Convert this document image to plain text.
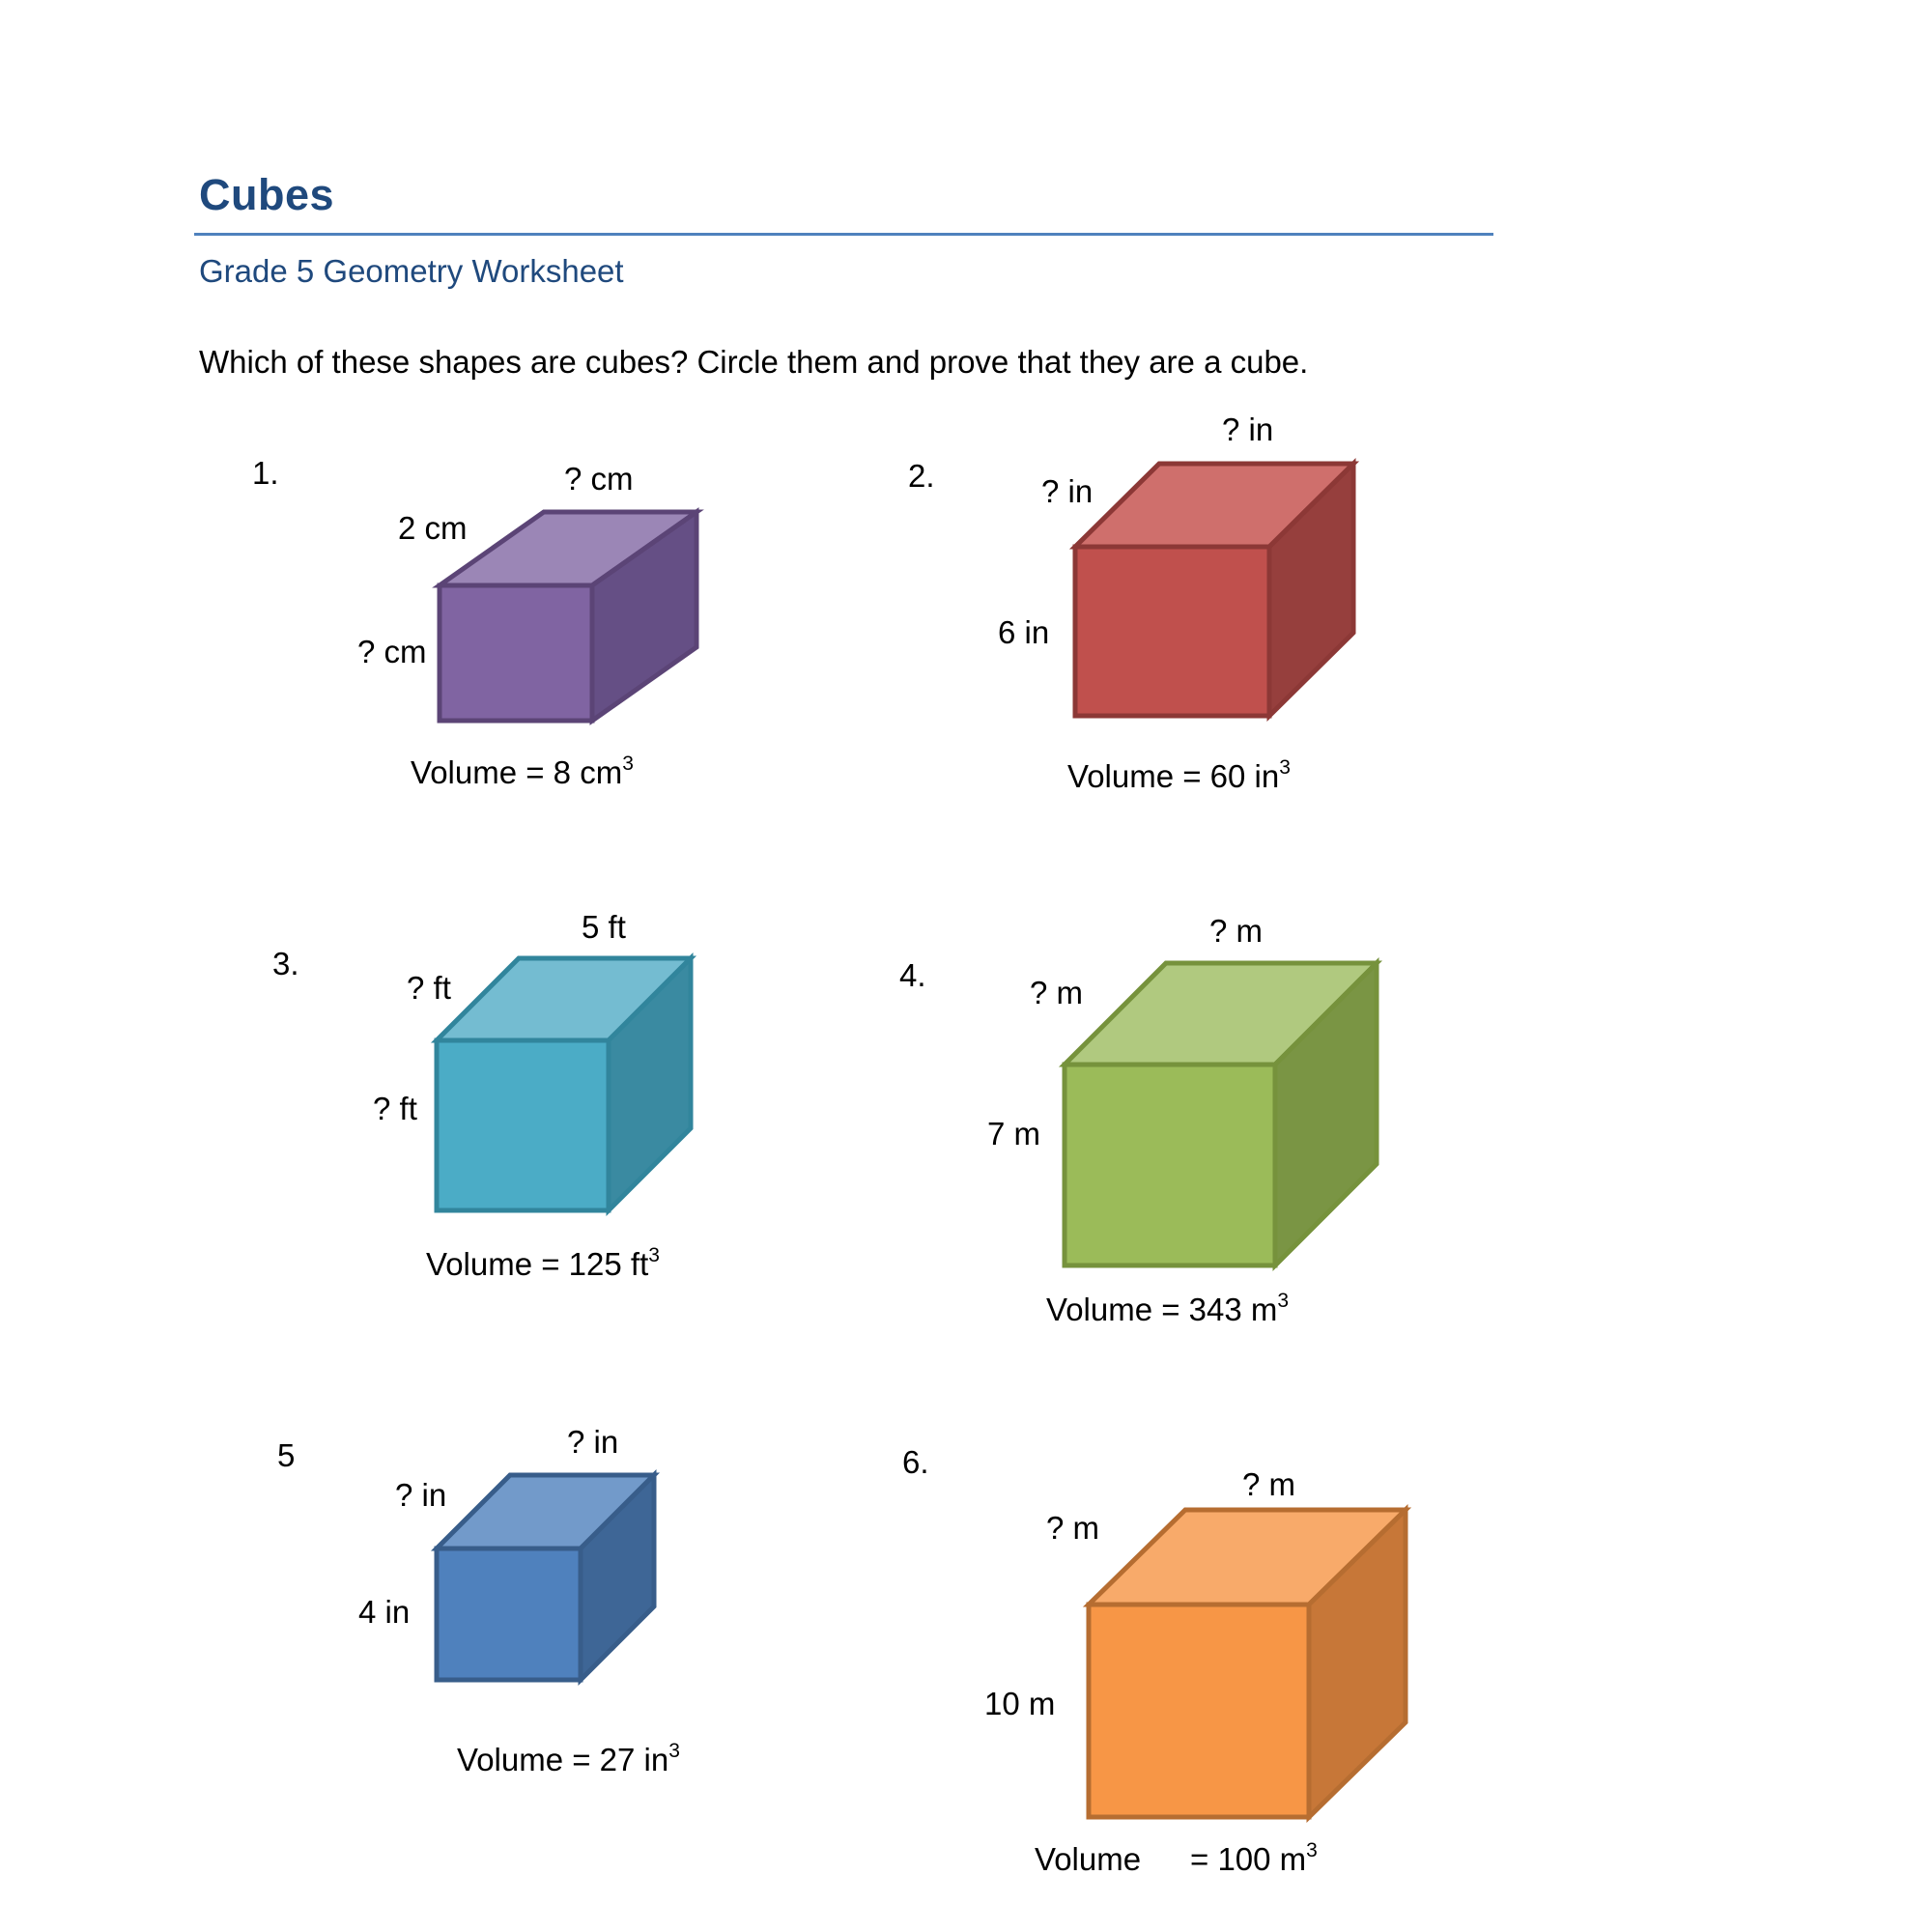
Cubes
Grade 5 Geometry Worksheet
Which of these shapes are cubes? Circle them and prove that they are a cube.
1.	? cm
2 cm
? cm
Volume = 8 $cm^3$
2.
? in
? in
6 in
Volume = 60 $in^3$
3.
5 ft
? ft
? ft
Volume = 125 $ft^3$
4.
? m
? m
7 m
Volume = 343 $m^3$
5	? in
? in
4 in
Volume = 27 $in^3$
6.
? m
? m
10 m
Volume = 100 $m^3$
